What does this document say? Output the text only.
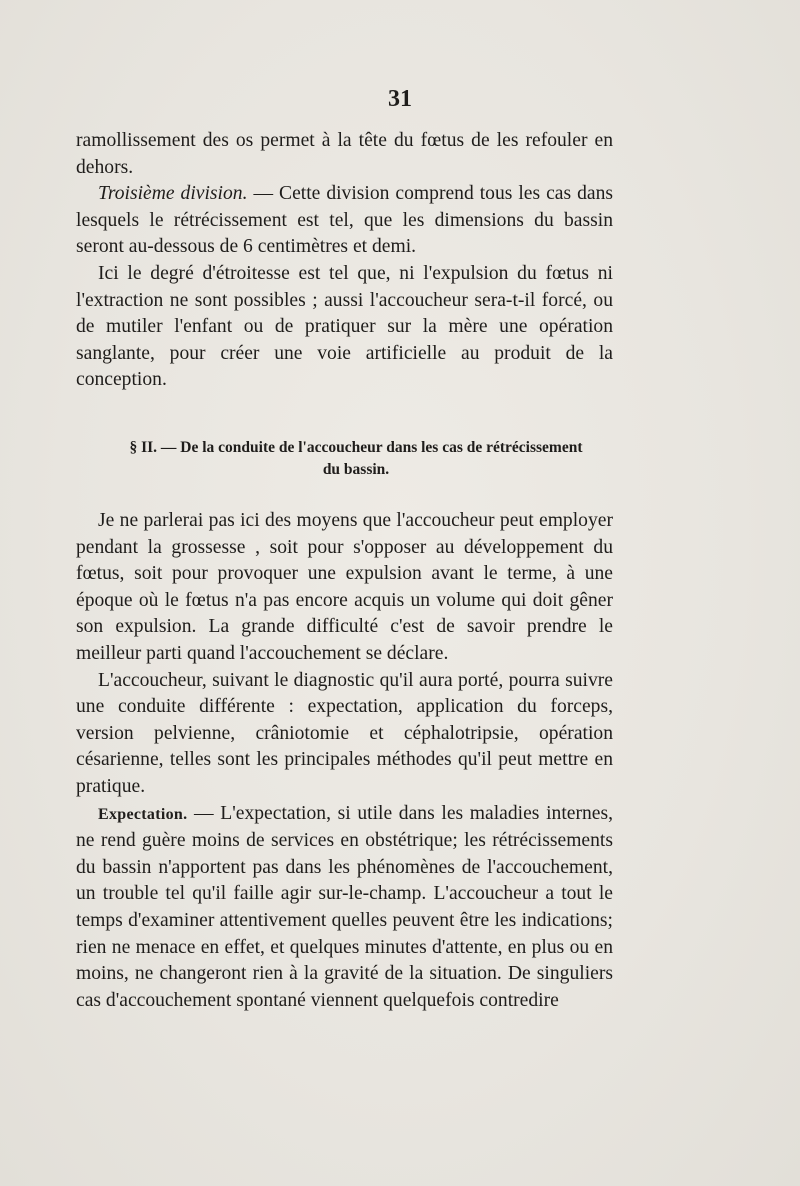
31

ramollissement des os permet à la tête du fœtus de les refouler en dehors.

Troisième division. — Cette division comprend tous les cas dans lesquels le rétrécissement est tel, que les dimensions du bassin seront au-dessous de 6 centimètres et demi.

Ici le degré d'étroitesse est tel que, ni l'expulsion du fœtus ni l'extraction ne sont possibles ; aussi l'accoucheur sera-t-il forcé, ou de mutiler l'enfant ou de pratiquer sur la mère une opération sanglante, pour créer une voie artificielle au produit de la conception.

§ II. — De la conduite de l'accoucheur dans les cas de rétrécissement
du bassin.

Je ne parlerai pas ici des moyens que l'accoucheur peut employer pendant la grossesse , soit pour s'opposer au développement du fœtus, soit pour provoquer une expulsion avant le terme, à une époque où le fœtus n'a pas encore acquis un volume qui doit gêner son expulsion. La grande difficulté c'est de savoir prendre le meilleur parti quand l'accouchement se déclare.

L'accoucheur, suivant le diagnostic qu'il aura porté, pourra suivre une conduite différente : expectation, application du forceps, version pelvienne, crâniotomie et céphalotripsie, opération césarienne, telles sont les principales méthodes qu'il peut mettre en pratique.

Expectation. — L'expectation, si utile dans les maladies internes, ne rend guère moins de services en obstétrique; les rétrécissements du bassin n'apportent pas dans les phénomènes de l'accouchement, un trouble tel qu'il faille agir sur-le-champ. L'accoucheur a tout le temps d'examiner attentivement quelles peuvent être les indications; rien ne menace en effet, et quelques minutes d'attente, en plus ou en moins, ne changeront rien à la gravité de la situation. De singuliers cas d'accouchement spontané viennent quelquefois contredire
